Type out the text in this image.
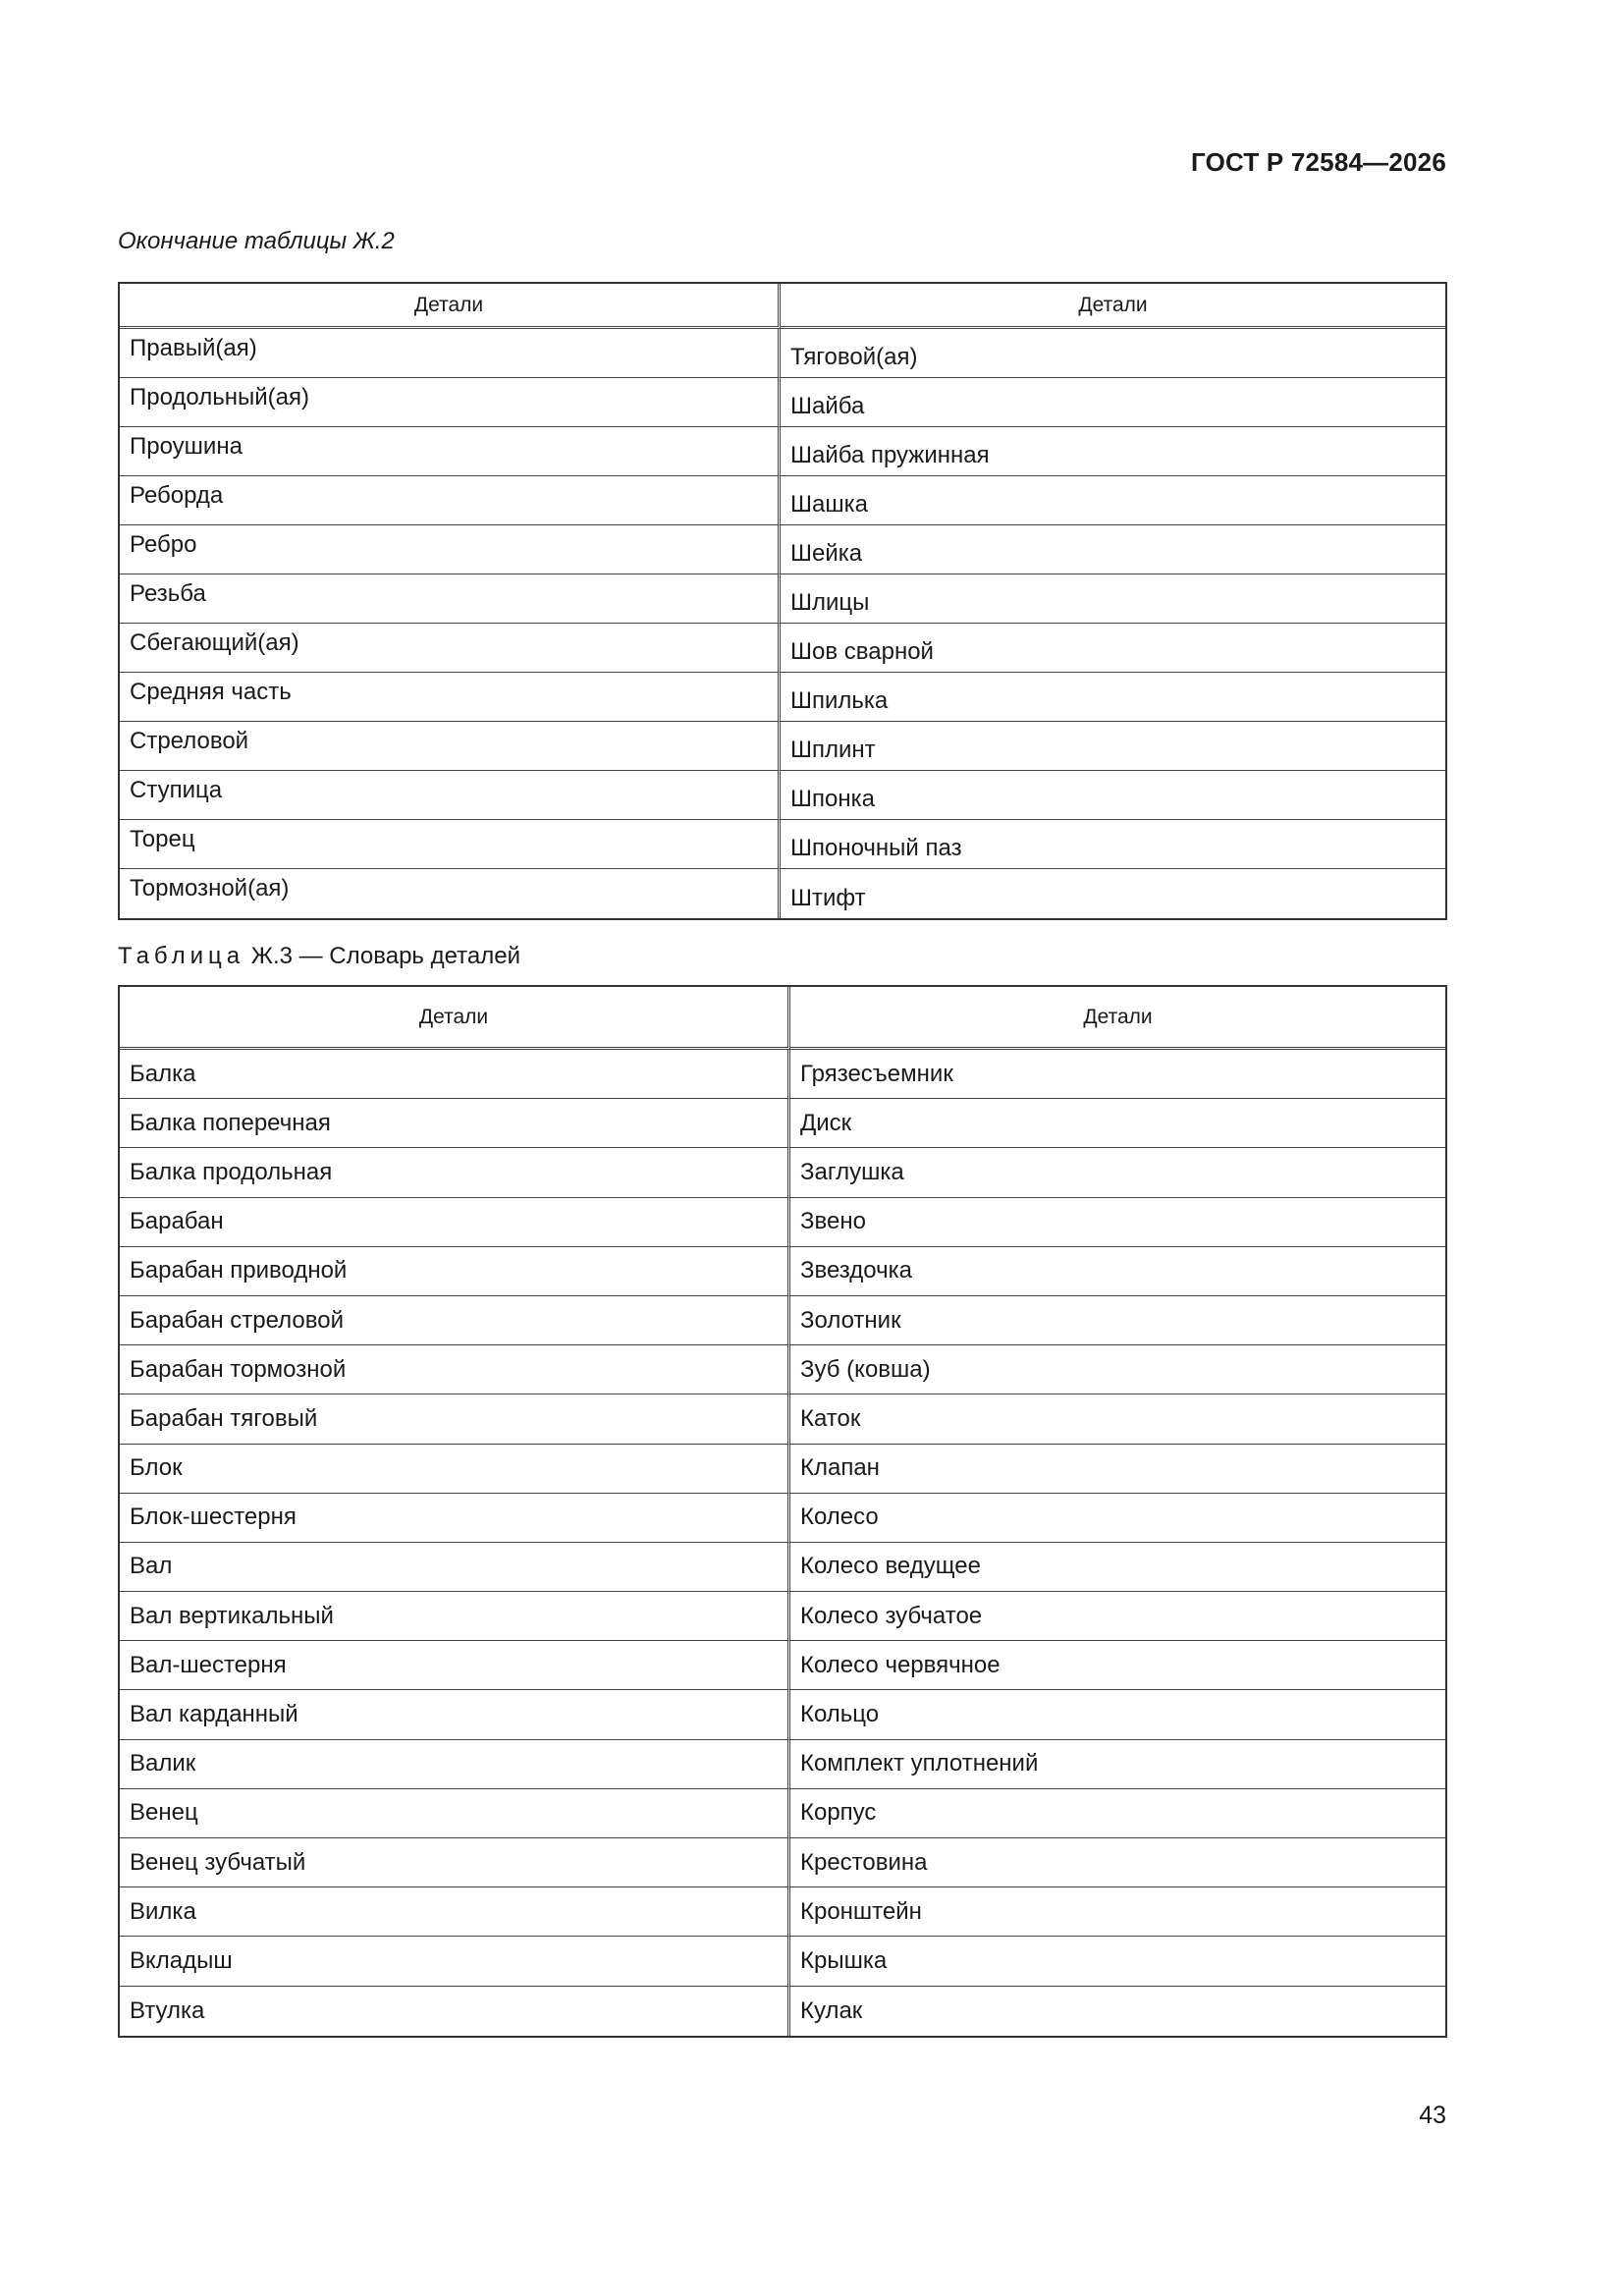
ГОСТ Р 72584—2026
Окончание таблицы Ж.2
Детали	Детали
Правый(ая)	Тяговой(ая)
Продольный(ая)	Шайба
Проушина	Шайба пружинная
Реборда	Шашка
Ребро	Шейка
Резьба	Шлицы
Сбегающий(ая)	Шов сварной
Средняя часть	Шпилька
Стреловой	Шплинт
Ступица	Шпонка
Торец	Шпоночный паз
Тормозной(ая)	Штифт
Таблица Ж.3 — Словарь деталей
Детали	Детали
Балка	Грязесъемник
Балка поперечная	Диск
Балка продольная	Заглушка
Барабан	Звено
Барабан приводной	Звездочка
Барабан стреловой	Золотник
Барабан тормозной	Зуб (ковша)
Барабан тяговый	Каток
Блок	Клапан
Блок-шестерня	Колесо
Вал	Колесо ведущее
Вал вертикальный	Колесо зубчатое
Вал-шестерня	Колесо червячное
Вал карданный	Кольцо
Валик	Комплект уплотнений
Венец	Корпус
Венец зубчатый	Крестовина
Вилка	Кронштейн
Вкладыш	Крышка
Втулка	Кулак
43
